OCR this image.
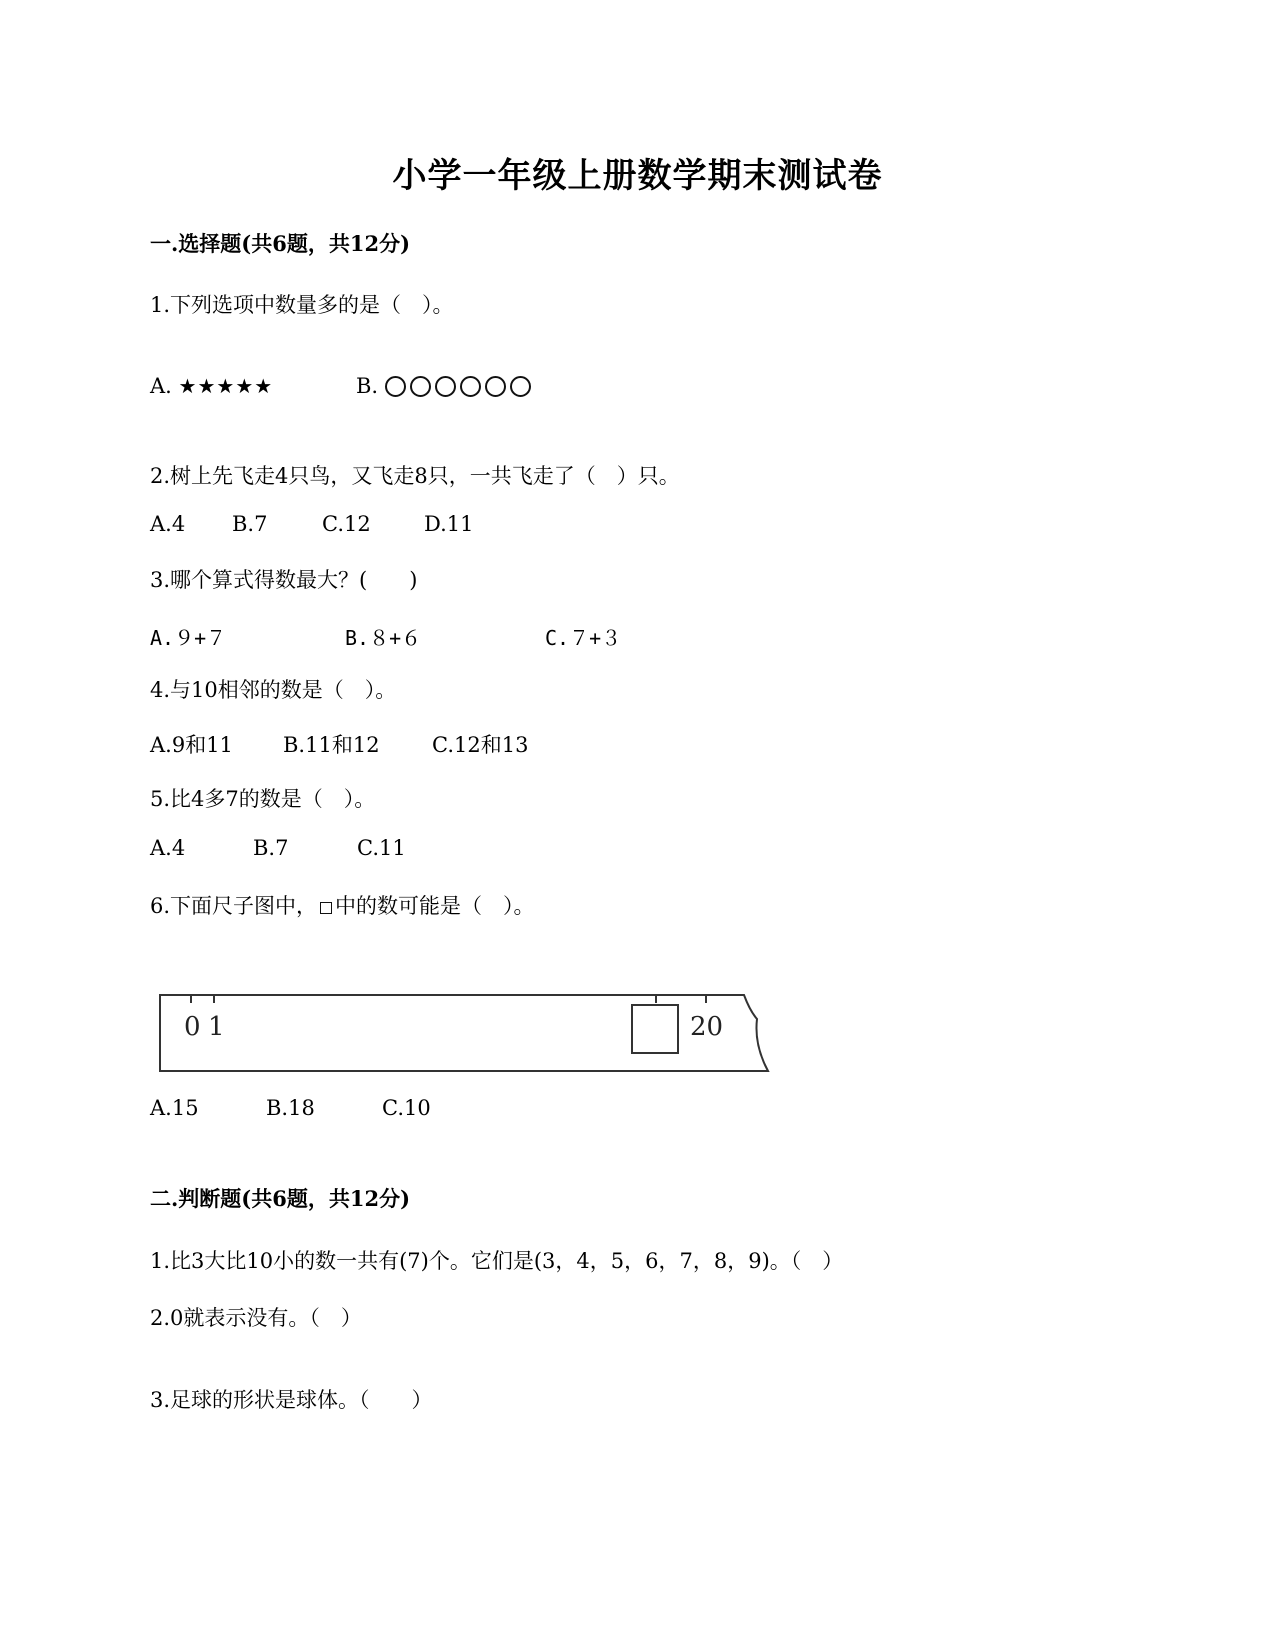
小学一年级上册数学期末测试卷
一.选择题(共6题，共12分)
1.下列选项中数量多的是（　）。
A. ★★★★★	B.
2.树上先飞走4只鸟，又飞走8只，一共飞走了（　）只。
A.4 B.7	C.12	D.11
3.哪个算式得数最大？(　　)
A.９+７	B.８+６	C.７+３
4.与10相邻的数是（　）。
A.9和11 B.11和12 C.12和13
5.比4多7的数是（　）。
A.4	B.7	C.11
6.下面尺子图中， 中的数可能是（　）。
0 1	20
A.15	B.18	C.10
二.判断题(共6题，共12分)
1.比3大比10小的数一共有(7)个。它们是(3，4，5，6，7，8，9)。（　）
2.0就表示没有。（　）
3.足球的形状是球体。（　　）
